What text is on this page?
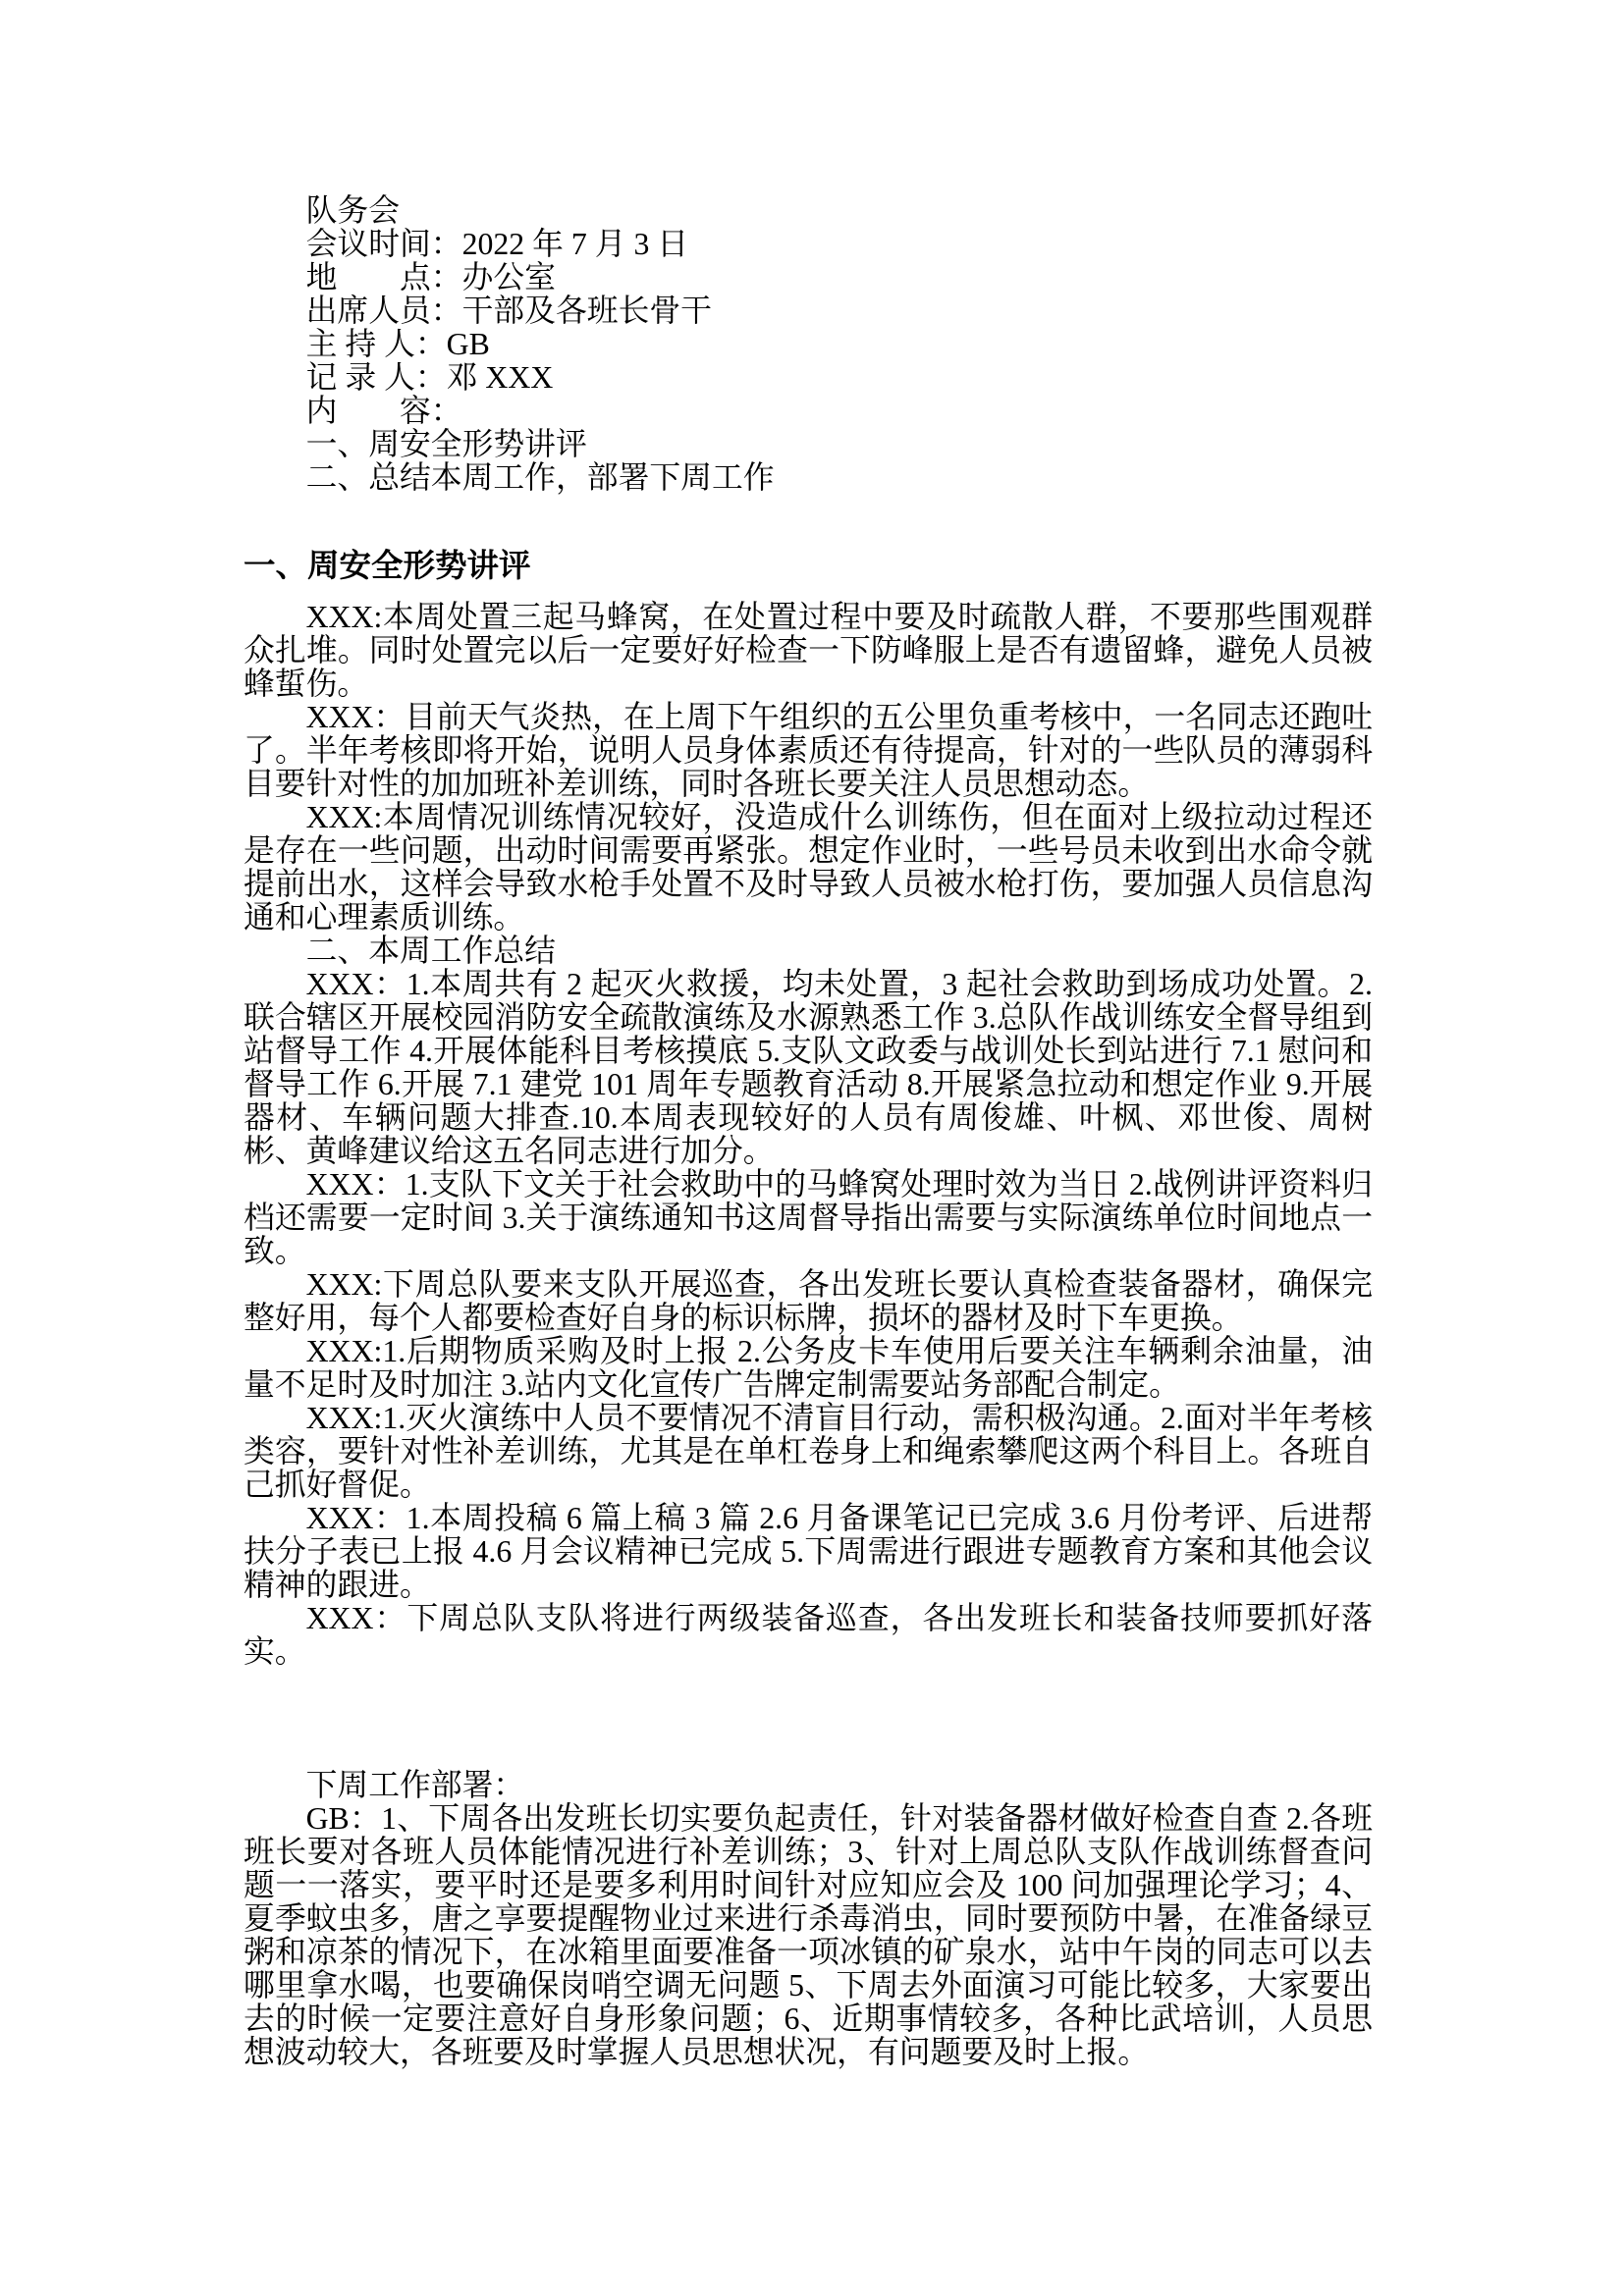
队务会

会议时间：2022 年 7 月 3 日

地　　点：办公室

出席人员：干部及各班长骨干

主 持 人：GB

记 录 人：邓 XXX

内　　容：

一、周安全形势讲评

二、总结本周工作，部署下周工作

一、周安全形势讲评

XXX:本周处置三起马蜂窝，在处置过程中要及时疏散人群，不要那些围观群众扎堆。同时处置完以后一定要好好检查一下防峰服上是否有遗留蜂，避免人员被蜂蜇伤。

XXX：目前天气炎热，在上周下午组织的五公里负重考核中，一名同志还跑吐了。半年考核即将开始，说明人员身体素质还有待提高，针对的一些队员的薄弱科目要针对性的加加班补差训练，同时各班长要关注人员思想动态。

XXX:本周情况训练情况较好，没造成什么训练伤，但在面对上级拉动过程还是存在一些问题，出动时间需要再紧张。想定作业时，一些号员未收到出水命令就提前出水，这样会导致水枪手处置不及时导致人员被水枪打伤，要加强人员信息沟通和心理素质训练。

二、本周工作总结

XXX：1.本周共有 2 起灭火救援，均未处置，3 起社会救助到场成功处置。2.联合辖区开展校园消防安全疏散演练及水源熟悉工作 3.总队作战训练安全督导组到站督导工作 4.开展体能科目考核摸底 5.支队文政委与战训处长到站进行 7.1 慰问和督导工作 6.开展 7.1 建党 101 周年专题教育活动 8.开展紧急拉动和想定作业 9.开展器材、车辆问题大排查.10.本周表现较好的人员有周俊雄、叶枫、邓世俊、周树彬、黄峰建议给这五名同志进行加分。

XXX：1.支队下文关于社会救助中的马蜂窝处理时效为当日 2.战例讲评资料归档还需要一定时间 3.关于演练通知书这周督导指出需要与实际演练单位时间地点一致。

XXX:下周总队要来支队开展巡查，各出发班长要认真检查装备器材，确保完整好用，每个人都要检查好自身的标识标牌，损坏的器材及时下车更换。

XXX:1.后期物质采购及时上报 2.公务皮卡车使用后要关注车辆剩余油量，油量不足时及时加注 3.站内文化宣传广告牌定制需要站务部配合制定。

XXX:1.灭火演练中人员不要情况不清盲目行动，需积极沟通。2.面对半年考核类容，要针对性补差训练，尤其是在单杠卷身上和绳索攀爬这两个科目上。各班自己抓好督促。

XXX：1.本周投稿 6 篇上稿 3 篇 2.6 月备课笔记已完成 3.6 月份考评、后进帮扶分子表已上报 4.6 月会议精神已完成 5.下周需进行跟进专题教育方案和其他会议精神的跟进。

XXX：下周总队支队将进行两级装备巡查，各出发班长和装备技师要抓好落实。

下周工作部署：

GB：1、下周各出发班长切实要负起责任，针对装备器材做好检查自查 2.各班班长要对各班人员体能情况进行补差训练；3、针对上周总队支队作战训练督查问题一一落实，要平时还是要多利用时间针对应知应会及 100 问加强理论学习；4、夏季蚊虫多，唐之享要提醒物业过来进行杀毒消虫，同时要预防中暑，在准备绿豆粥和凉茶的情况下，在冰箱里面要准备一项冰镇的矿泉水，站中午岗的同志可以去哪里拿水喝，也要确保岗哨空调无问题 5、下周去外面演习可能比较多，大家要出去的时候一定要注意好自身形象问题；6、近期事情较多，各种比武培训，人员思想波动较大，各班要及时掌握人员思想状况，有问题要及时上报。
